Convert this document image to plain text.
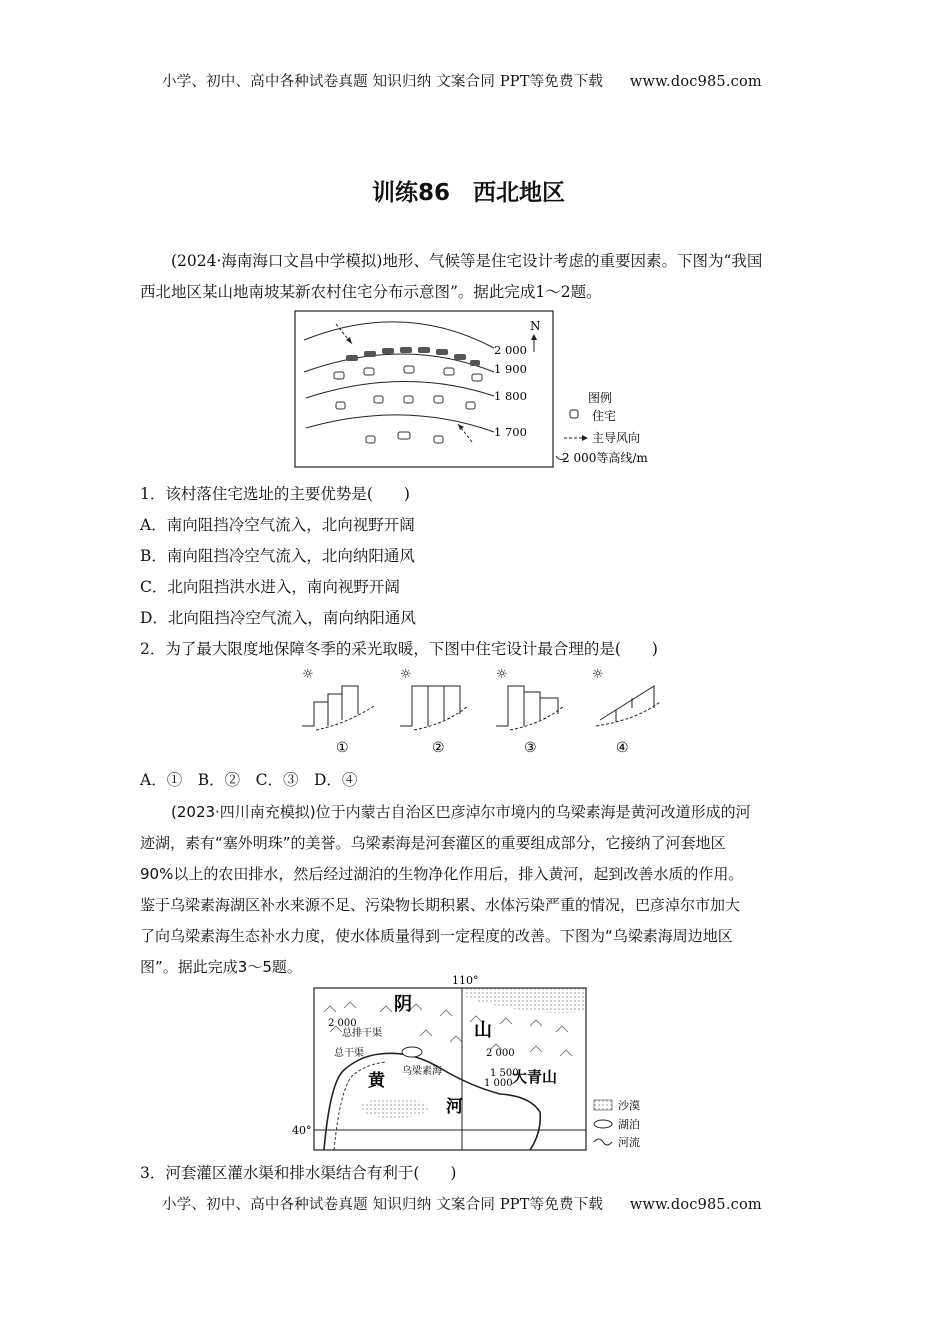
小学、初中、高中各种试卷真题 知识归纳 文案合同 PPT等免费下载 www.doc985.com
训练86　西北地区
(2024·海南海口文昌中学模拟)地形、气候等是住宅设计考虑的重要因素。下图为“我国
西北地区某山地南坡某新农村住宅分布示意图”。据此完成1～2题。
N
2 000
1 900
1 800
1 700
图例
住宅
主导风向
2 000等高线/m
1．该村落住宅选址的主要优势是(　　)
A．南向阻挡冷空气流入，北向视野开阔
B．南向阻挡冷空气流入，北向纳阳通风
C．北向阻挡洪水进入，南向视野开阔
D．北向阻挡冷空气流入，南向纳阳通风
2．为了最大限度地保障冬季的采光取暖，下图中住宅设计最合理的是(　　)
☼
①
☼
②
☼
③
☼
④
A．①　B．②　C．③　D．④
(2023·四川南充模拟)位于内蒙古自治区巴彦淖尔市境内的乌梁素海是黄河改道形成的河
迹湖，素有“塞外明珠”的美誉。乌梁素海是河套灌区的重要组成部分，它接纳了河套地区
90%以上的农田排水，然后经过湖泊的生物净化作用后，排入黄河，起到改善水质的作用。
鉴于乌梁素海湖区补水来源不足、污染物长期积累、水体污染严重的情况，巴彦淖尔市加大
了向乌梁素海生态补水力度，使水体质量得到一定程度的改善。下图为“乌梁素海周边地区
图”。据此完成3～5题。
110°
40°
阴
山
大青山
黄
河
总排干渠
总干渠
乌梁素海
2 000
2 000
1 500
1 000
沙漠
湖泊
河流
3．河套灌区灌水渠和排水渠结合有利于(　　)
小学、初中、高中各种试卷真题 知识归纳 文案合同 PPT等免费下载 www.doc985.com
